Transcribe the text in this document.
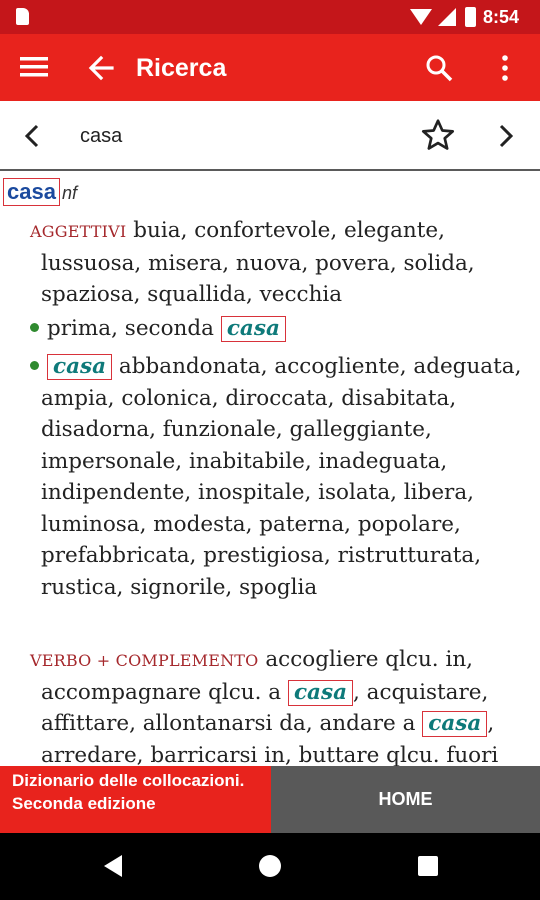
8:54
Ricerca
casa
casa nf
AGGETTIVI buia, confortevole, elegante, lussuosa, misera, nuova, povera, solida, spaziosa, squallida, vecchia
prima, seconda casa
casa abbandonata, accogliente, adeguata, ampia, colonica, diroccata, disabitata, disadorna, funzionale, galleggiante, impersonale, inabitabile, inadeguata, indipendente, inospitale, isolata, libera, luminosa, modesta, paterna, popolare, prefabbricata, prestigiosa, ristrutturata, rustica, signorile, spoglia
VERBO + COMPLEMENTO accogliere qlcu. in, accompagnare qlcu. a casa , acquistare, affittare, allontanarsi da, andare a casa , arredare, barricarsi in, buttare qlcu. fuori
Dizionario delle collocazioni. Seconda edizione	HOME
